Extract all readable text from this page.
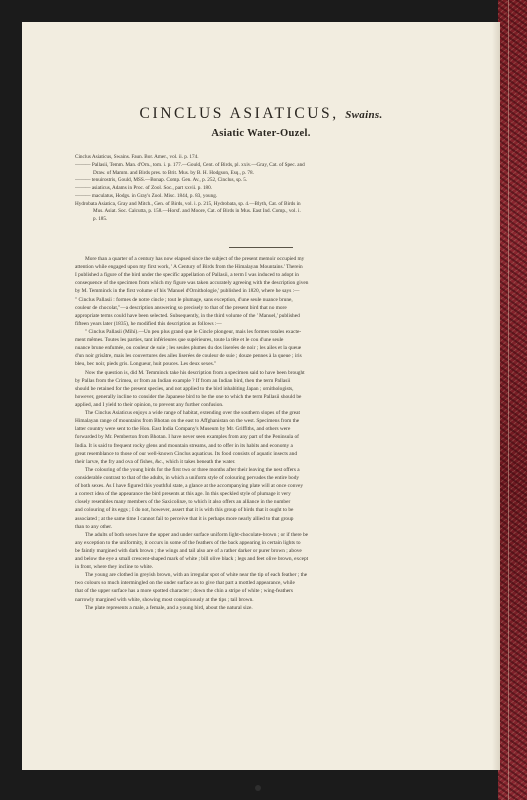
CINCLUS ASIATICUS, Swains.
Asiatic Water-Ouzel.
Cinclus Asiaticus, Swains. Faun. Bor. Amer., vol. ii. p. 174.
——— Pallasii, Temm. Man. d'Orn., tom. i. p. 177.—Gould, Cent. of Birds, pl. xxiv.—Gray, Cat. of Spec. and
Draw. of Mamm. and Birds pres. to Brit. Mus. by B. H. Hodgson, Esq., p. 78.
——— tenuirostris, Gould, MSS.—Bonap. Comp. Gen. Av., p. 252, Cinclus, sp. 5.
——— asiaticus, Adams in Proc. of Zool. Soc., part xxvii. p. 180.
——— maculatus, Hodgs. in Gray's Zool. Misc. 1844, p. 83, young.
Hydrobata Asiatica, Gray and Mitch., Gen. of Birds, vol. i. p. 215, Hydrobata, sp. 4.—Blyth, Cat. of Birds in
Mus. Asiat. Soc. Calcutta, p. 158.—Horsf. and Moore, Cat. of Birds in Mus. East Ind. Comp., vol. i.
p. 185.
More than a quarter of a century has now elapsed since the subject of the present memoir occupied my
attention while engaged upon my first work, ' A Century of Birds from the Himalayan Mountains.' Therein
I published a figure of the bird under the specific appellation of Pallasii, a term I was induced to adopt in
consequence of the specimen from which my figure was taken accurately agreeing with the description given
by M. Temminck in the first volume of his 'Manuel d'Ornithologie,' published in 1820, where he says :—
" Cinclus Pallasii : formes de notre cincle ; tout le plumage, sans exception, d'une seule nuance brune,
couleur de chocolat,"—a description answering so precisely to that of the present bird that no more
appropriate terms could have been selected. Subsequently, in the third volume of the ' Manuel,' published
fifteen years later (1835), he modified this description as follows :—
" Cinclus Pallasii (Mihi).—Un peu plus grand que le Cincle plongeur, mais les formes totales exacte-
ment mêmes. Toutes les parties, tant inférieures que supérieures, toute la tête et le cou d'une seule
nuance brune enfumée, ou couleur de suie ; les seules plumes du dos liserées de noir ; les ailes et la queue
d'un noir grisâtre, mais les couvertures des ailes liserées de couleur de suie ; douze pennes à la queue ; iris
bleu, bec noir, pieds gris. Longueur, huit pouces. Les deux sexes."
Now the question is, did M. Temminck take his description from a specimen said to have been brought
by Pallas from the Crimea, or from an Indian example ? If from an Indian bird, then the term Pallasii
should be retained for the present species, and not applied to the bird inhabiting Japan ; ornithologists,
however, generally incline to consider the Japanese bird to be the one to which the term Pallasii should be
applied, and I yield to their opinion, to prevent any further confusion.
The Cinclus Asiaticus enjoys a wide range of habitat, extending over the southern slopes of the great
Himalayan range of mountains from Bhotan on the east to Affghanistan on the west. Specimens from the
latter country were sent to the Hon. East India Company's Museum by Mr. Griffiths, and others were
forwarded by Mr. Pemberton from Bhotan. I have never seen examples from any part of the Peninsula of
India. It is said to frequent rocky glens and mountain streams, and to offer in its habits and economy a
great resemblance to those of our well-known Cinclus aquaticus. Its food consists of aquatic insects and
their larvæ, the fry and ova of fishes, &c., which it takes beneath the water.
The colouring of the young birds for the first two or three months after their leaving the nest offers a
considerable contrast to that of the adults, in which a uniform style of colouring pervades the entire body
of both sexes. As I have figured this youthful state, a glance at the accompanying plate will at once convey
a correct idea of the appearance the bird presents at this age. In this speckled style of plumage it very
closely resembles many members of the Saxicolinæ, to which it also offers an alliance in the number
and colouring of its eggs ; I do not, however, assert that it is with this group of birds that it ought to be
associated ; at the same time I cannot fail to perceive that it is perhaps more nearly allied to that group
than to any other.
The adults of both sexes have the upper and under surface uniform light-chocolate-brown ; or if there be
any exception to the uniformity, it occurs in some of the feathers of the back appearing in certain lights to
be faintly margined with dark brown ; the wings and tail also are of a rather darker or purer brown ; above
and below the eye a small crescent-shaped mark of white ; bill olive black ; legs and feet olive brown, except
in front, where they incline to white.
The young are clothed in greyish brown, with an irregular spot of white near the tip of each feather ; the
two colours so much intermingled on the under surface as to give that part a mottled appearance, while
that of the upper surface has a more spotted character ; down the chin a stripe of white ; wing-feathers
narrowly margined with white, showing most conspicuously at the tips ; tail brown.
The plate represents a male, a female, and a young bird, about the natural size.
